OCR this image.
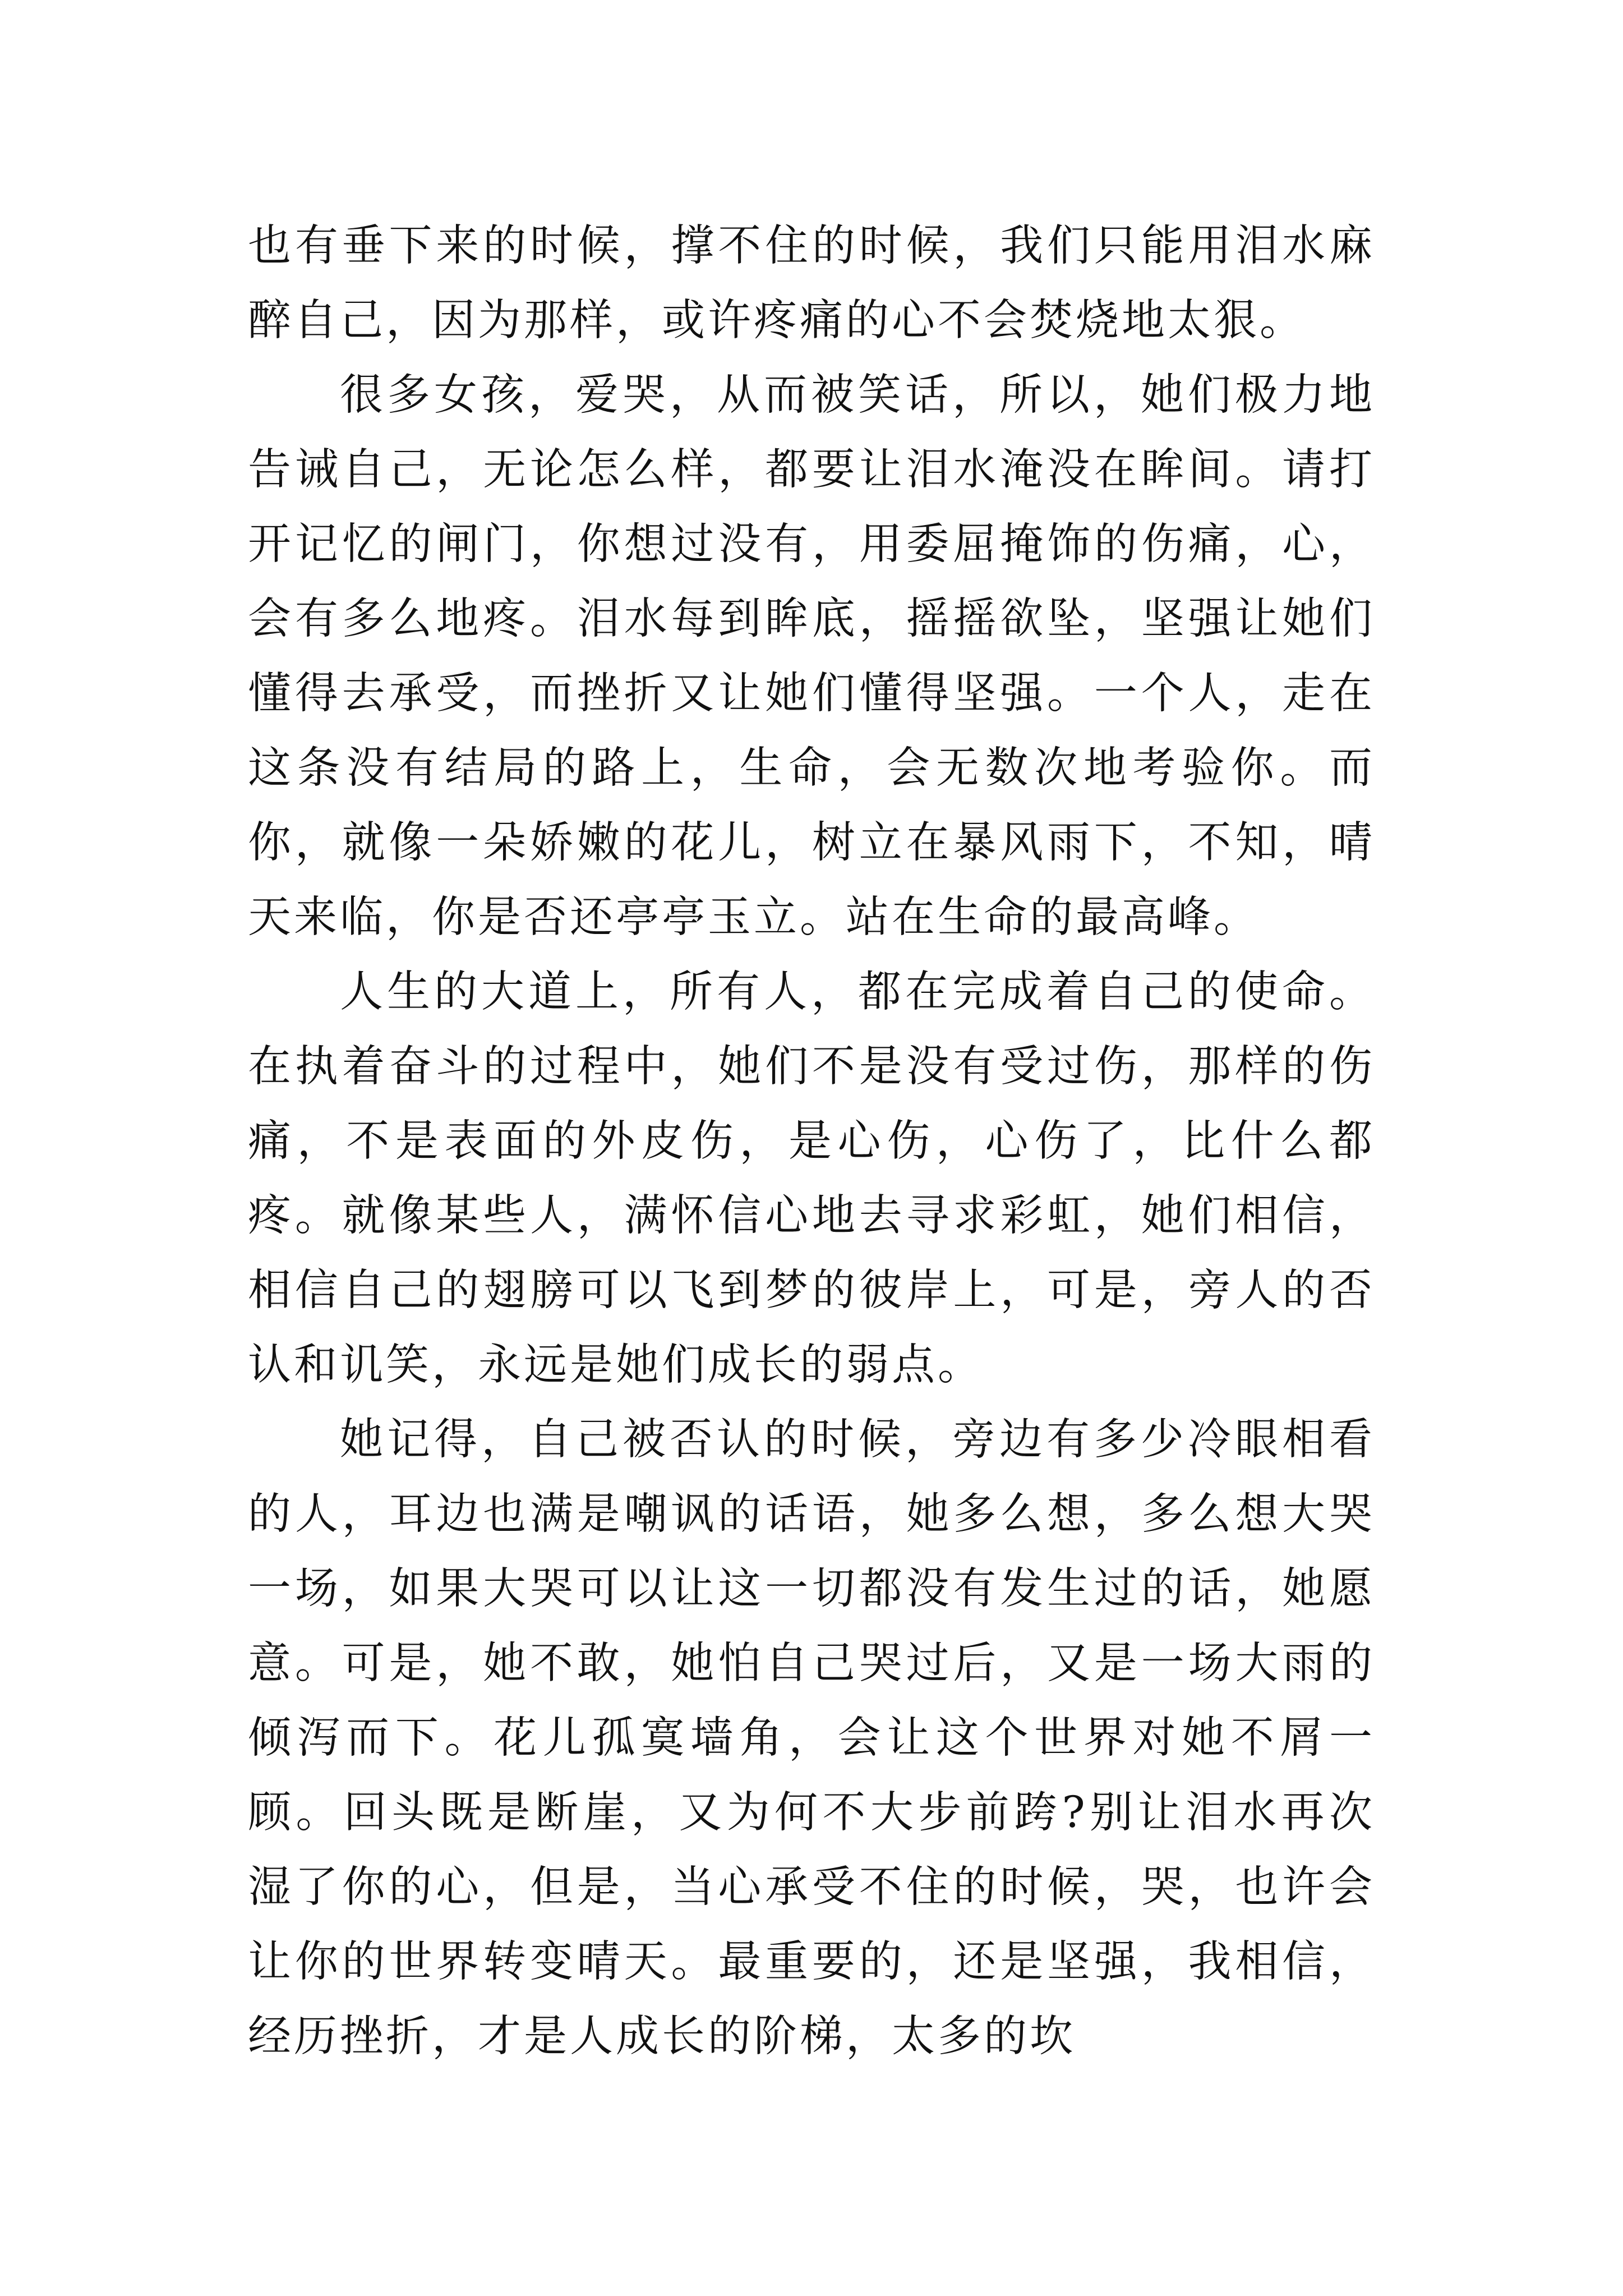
也有垂下来的时候，撑不住的时候，我们只能用泪水麻醉自己，因为那样，或许疼痛的心不会焚烧地太狠。

很多女孩，爱哭，从而被笑话，所以，她们极力地告诫自己，无论怎么样，都要让泪水淹没在眸间。请打开记忆的闸门，你想过没有，用委屈掩饰的伤痛，心，会有多么地疼。泪水每到眸底，摇摇欲坠，坚强让她们懂得去承受，而挫折又让她们懂得坚强。一个人，走在这条没有结局的路上，生命，会无数次地考验你。而你，就像一朵娇嫩的花儿，树立在暴风雨下，不知，晴天来临，你是否还亭亭玉立。站在生命的最高峰。

人生的大道上，所有人，都在完成着自己的使命。在执着奋斗的过程中，她们不是没有受过伤，那样的伤痛，不是表面的外皮伤，是心伤，心伤了，比什么都疼。就像某些人，满怀信心地去寻求彩虹，她们相信，相信自己的翅膀可以飞到梦的彼岸上，可是，旁人的否认和讥笑，永远是她们成长的弱点。

她记得，自己被否认的时候，旁边有多少冷眼相看的人，耳边也满是嘲讽的话语，她多么想，多么想大哭一场，如果大哭可以让这一切都没有发生过的话，她愿意。可是，她不敢，她怕自己哭过后，又是一场大雨的倾泻而下。花儿孤寞墙角，会让这个世界对她不屑一顾。回头既是断崖，又为何不大步前跨?别让泪水再次湿了你的心，但是，当心承受不住的时候，哭，也许会让你的世界转变晴天。最重要的，还是坚强，我相信，经历挫折，才是人成长的阶梯，太多的坎
